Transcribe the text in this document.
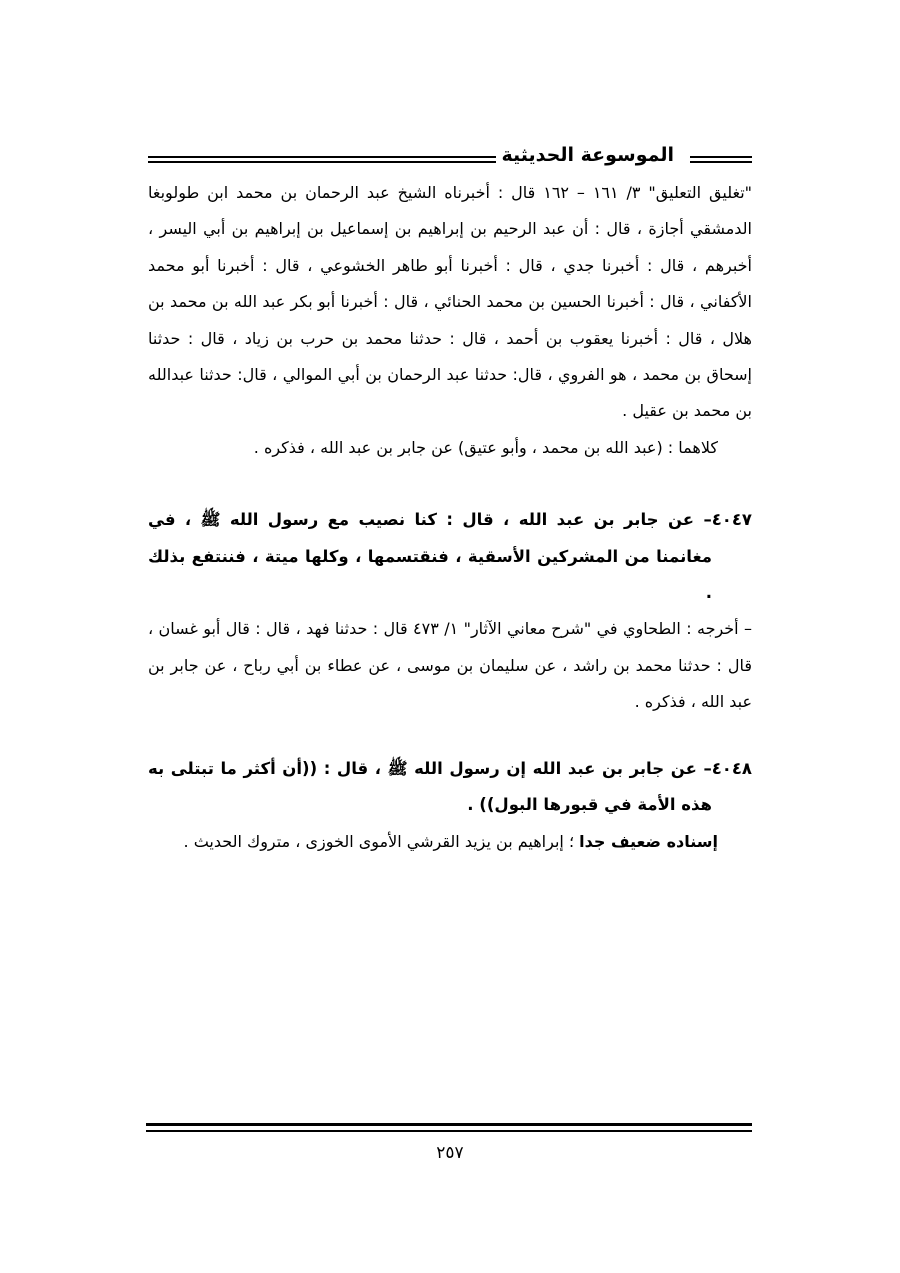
الموسوعة الحديثية

"تغليق التعليق" ٣/ ١٦١ – ١٦٢ قال : أخبرناه الشيخ عبد الرحمان بن محمد ابن طولوبغا الدمشقي أجازة ، قال : أن عبد الرحيم بن إبراهيم بن إسماعيل بن إبراهيم بن أبي اليسر ، أخبرهم ، قال : أخبرنا جدي ، قال : أخبرنا أبو طاهر الخشوعي ، قال : أخبرنا أبو محمد الأكفاني ، قال : أخبرنا الحسين بن محمد الحنائي ، قال : أخبرنا أبو بكر عبد الله بن محمد بن هلال ، قال : أخبرنا يعقوب بن أحمد ، قال : حدثنا محمد بن حرب بن زياد ، قال : حدثنا إسحاق بن محمد ، هو الفروي ، قال: حدثنا عبد الرحمان بن أبي الموالي ، قال: حدثنا عبدالله بن محمد بن عقيل .

كلاهما : (عبد الله بن محمد ، وأبو عتيق) عن جابر بن عبد الله ، فذكره .

٤٠٤٧– عن جابر بن عبد الله ، قال : كنا نصيب مع رسول الله ﷺ ، في مغانمنا من المشركين الأسقية ، فنقتسمها ، وكلها ميتة ، فننتفع بذلك .

– أخرجه : الطحاوي في "شرح معاني الآثار" ١/ ٤٧٣ قال : حدثنا فهد ، قال : قال أبو غسان ، قال : حدثنا محمد بن راشد ، عن سليمان بن موسى ، عن عطاء بن أبي رباح ، عن جابر بن عبد الله ، فذكره .

٤٠٤٨– عن جابر بن عبد الله إن رسول الله ﷺ ، قال : ((أن أكثر ما تبتلى به هذه الأمة في قبورها البول)) .

إسناده ضعيف جدا ؛ إبراهيم بن يزيد القرشي الأموى الخوزى ، متروك الحديث .

٢٥٧
